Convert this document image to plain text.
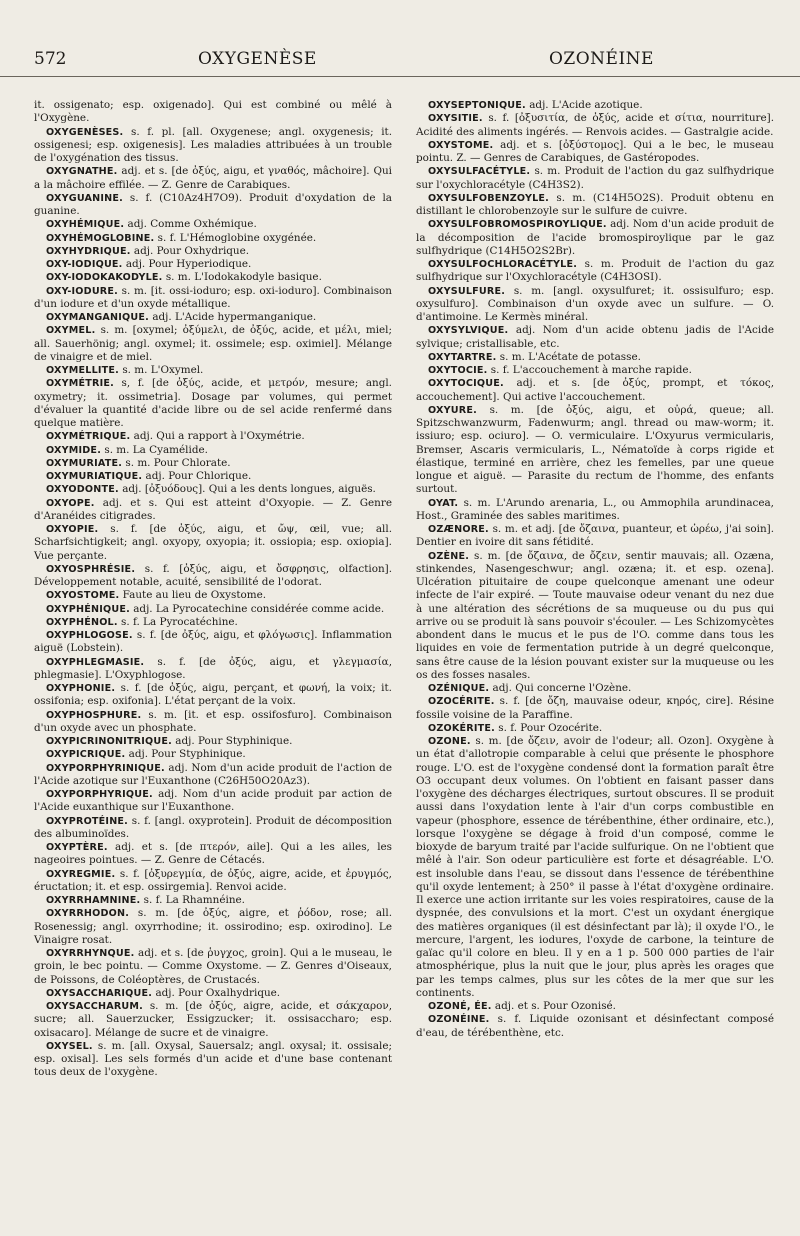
572	OXYGENÈSE	OZONÉINE

it. ossigenato; esp. oxigenado]. Qui est combiné ou mêlé à l'Oxygène.

OXYGENÈSES. s. f. pl. [all. Oxygenese; angl. oxygenesis; it. ossigenesi; esp. oxigenesis]. Les maladies attribuées à un trouble de l'oxygénation des tissus.

OXYGNATHE. adj. et s. [de ὀξύς, aigu, et γναθός, mâchoire]. Qui a la mâchoire effilée. — Z. Genre de Carabiques.

OXYGUANINE. s. f. (C10Az4H7O9). Produit d'oxydation de la guanine.

OXYHÉMIQUE. adj. Comme Oxhémique.

OXYHÉMOGLOBINE. s. f. L'Hémoglobine oxygénée.

OXYHYDRIQUE. adj. Pour Oxhydrique.

OXY-IODIQUE. adj. Pour Hyperiodique.

OXY-IODOKAKODYLE. s. m. L'Iodokakodyle basique.

OXY-IODURE. s. m. [it. ossi-ioduro; esp. oxi-ioduro]. Combinaison d'un iodure et d'un oxyde métallique.

OXYMANGANIQUE. adj. L'Acide hypermanganique.

OXYMEL. s. m. [oxymel; ὀξύμελι, de ὀξύς, acide, et μέλι, miel; all. Sauerhönig; angl. oxymel; it. ossimele; esp. oximiel]. Mélange de vinaigre et de miel.

OXYMELLITE. s. m. L'Oxymel.

OXYMÉTRIE. s, f. [de ὀξύς, acide, et μετρόν, mesure; angl. oxymetry; it. ossimetria]. Dosage par volumes, qui permet d'évaluer la quantité d'acide libre ou de sel acide renfermé dans quelque matière.

OXYMÉTRIQUE. adj. Qui a rapport à l'Oxymétrie.

OXYMIDE. s. m. La Cyamélide.

OXYMURIATE. s. m. Pour Chlorate.

OXYMURIATIQUE. adj. Pour Chlorique.

OXYODONTE. adj. [ὀξυόδους]. Qui a les dents longues, aiguës.

OXYOPE. adj. et s. Qui est atteint d'Oxyopie. — Z. Genre d'Aranéides citigrades.

OXYOPIE. s. f. [de ὀξύς, aigu, et ὤψ, œil, vue; all. Scharfsichtigkeit; angl. oxyopy, oxyopia; it. ossiopia; esp. oxiopia]. Vue perçante.

OXYOSPHRÉSIE. s. f. [ὀξύς, aigu, et ὄσφρησις, olfaction]. Développement notable, acuité, sensibilité de l'odorat.

OXYOSTOME. Faute au lieu de Oxystome.

OXYPHÉNIQUE. adj. La Pyrocatechine considérée comme acide.

OXYPHÉNOL. s. f. La Pyrocatéchine.

OXYPHLOGOSE. s. f. [de ὀξύς, aigu, et φλόγωσις]. Inflammation aiguë (Lobstein).

OXYPHLEGMASIE. s. f. [de ὀξύς, aigu, et γλεγμασία, phlegmasie]. L'Oxyphlogose.

OXYPHONIE. s. f. [de ὀξύς, aigu, perçant, et φωνή, la voix; it. ossifonia; esp. oxifonia]. L'état perçant de la voix.

OXYPHOSPHURE. s. m. [it. et esp. ossifosfuro]. Combinaison d'un oxyde avec un phosphate.

OXYPICRINONITRIQUE. adj. Pour Styphinique.

OXYPICRIQUE. adj. Pour Styphinique.

OXYPORPHYRINIQUE. adj. Nom d'un acide produit de l'action de l'Acide azotique sur l'Euxanthone (C26H50O20Az3).

OXYPORPHYRIQUE. adj. Nom d'un acide produit par action de l'Acide euxanthique sur l'Euxanthone.

OXYPROTÉINE. s. f. [angl. oxyprotein]. Produit de décomposition des albuminoïdes.

OXYPTÈRE. adj. et s. [de πτερόν, aile]. Qui a les ailes, les nageoires pointues. — Z. Genre de Cétacés.

OXYREGMIE. s. f. [ὀξυρεγμία, de ὀξύς, aigre, acide, et ἐρυγμός, éructation; it. et esp. ossirgemia]. Renvoi acide.

OXYRRHAMNINE. s. f. La Rhamnéine.

OXYRRHODON. s. m. [de ὀξύς, aigre, et ῥόδον, rose; all. Rosenessig; angl. oxyrrhodine; it. ossirodino; esp. oxirodino]. Le Vinaigre rosat.

OXYRRHYNQUE. adj. et s. [de ῥυγχος, groin]. Qui a le museau, le groin, le bec pointu. — Comme Oxystome. — Z. Genres d'Oiseaux, de Poissons, de Coléoptères, de Crustacés.

OXYSACCHARIQUE. adj. Pour Oxalhydrique.

OXYSACCHARUM. s. m. [de ὀξύς, aigre, acide, et σάκχαρον, sucre; all. Sauerzucker, Essigzucker; it. ossisaccharo; esp. oxisacaro]. Mélange de sucre et de vinaigre.

OXYSEL. s. m. [all. Oxysal, Sauersalz; angl. oxysal; it. ossisale; esp. oxisal]. Les sels formés d'un acide et d'une base contenant tous deux de l'oxygène.

OXYSEPTONIQUE. adj. L'Acide azotique.

OXYSITIE. s. f. [ὀξυσιτία, de ὀξύς, acide et σίτια, nourriture]. Acidité des aliments ingérés. — Renvois acides. — Gastralgie acide.

OXYSTOME. adj. et s. [ὀξύστομος]. Qui a le bec, le museau pointu. Z. — Genres de Carabiques, de Gastéropodes.

OXYSULFACÉTYLE. s. m. Produit de l'action du gaz sulfhydrique sur l'oxychloracétyle (C4H3S2).

OXYSULFOBENZOYLE. s. m. (C14H5O2S). Produit obtenu en distillant le chlorobenzoyle sur le sulfure de cuivre.

OXYSULFOBROMOSPIROYLIQUE. adj. Nom d'un acide produit de la décomposition de l'acide bromospiroylique par le gaz sulfhydrique (C14H5O2S2Br).

OXYSULFOCHLORACÉTYLE. s. m. Produit de l'action du gaz sulfhydrique sur l'Oxychloracétyle (C4H3OSI).

OXYSULFURE. s. m. [angl. oxysulfuret; it. ossisulfuro; esp. oxysulfuro]. Combinaison d'un oxyde avec un sulfure. — O. d'antimoine. Le Kermès minéral.

OXYSYLVIQUE. adj. Nom d'un acide obtenu jadis de l'Acide sylvique; cristallisable, etc.

OXYTARTRE. s. m. L'Acétate de potasse.

OXYTOCIE. s. f. L'accouchement à marche rapide.

OXYTOCIQUE. adj. et s. [de ὀξύς, prompt, et τόκος, accouchement]. Qui active l'accouchement.

OXYURE. s. m. [de ὀξύς, aigu, et οὐρά, queue; all. Spitzschwanzwurm, Fadenwurm; angl. thread ou maw-worm; it. issiuro; esp. ociuro]. — O. vermiculaire. L'Oxyurus vermicularis, Bremser, Ascaris vermicularis, L., Nématoïde à corps rigide et élastique, terminé en arrière, chez les femelles, par une queue longue et aiguë. — Parasite du rectum de l'homme, des enfants surtout.

OYAT. s. m. L'Arundo arenaria, L., ou Ammophila arundinacea, Host., Graminée des sables maritimes.

OZÆNORE. s. m. et adj. [de ὄζαινα, puanteur, et ὠρέω, j'ai soin]. Dentier en ivoire dit sans fétidité.

OZÈNE. s. m. [de ὄζαινα, de ὄζειν, sentir mauvais; all. Ozæna, stinkendes, Nasengeschwur; angl. ozæna; it. et esp. ozena]. Ulcération pituitaire de coupe quelconque amenant une odeur infecte de l'air expiré. — Toute mauvaise odeur venant du nez due à une altération des sécrétions de sa muqueuse ou du pus qui arrive ou se produit là sans pouvoir s'écouler. — Les Schizomycètes abondent dans le mucus et le pus de l'O. comme dans tous les liquides en voie de fermentation putride à un degré quelconque, sans être cause de la lésion pouvant exister sur la muqueuse ou les os des fosses nasales.

OZÉNIQUE. adj. Qui concerne l'Ozène.

OZOCÉRITE. s. f. [de ὄζη, mauvaise odeur, κηρός, cire]. Résine fossile voisine de la Paraffine.

OZOKÉRITE. s. f. Pour Ozocérite.

OZONE. s. m. [de ὄζειν, avoir de l'odeur; all. Ozon]. Oxygène à un état d'allotropie comparable à celui que présente le phosphore rouge. L'O. est de l'oxygène condensé dont la formation paraît être O3 occupant deux volumes. On l'obtient en faisant passer dans l'oxygène des décharges électriques, surtout obscures. Il se produit aussi dans l'oxydation lente à l'air d'un corps combustible en vapeur (phosphore, essence de térébenthine, éther ordinaire, etc.), lorsque l'oxygène se dégage à froid d'un composé, comme le bioxyde de baryum traité par l'acide sulfurique. On ne l'obtient que mêlé à l'air. Son odeur particulière est forte et désagréable. L'O. est insoluble dans l'eau, se dissout dans l'essence de térébenthine qu'il oxyde lentement; à 250° il passe à l'état d'oxygène ordinaire. Il exerce une action irritante sur les voies respiratoires, cause de la dyspnée, des convulsions et la mort. C'est un oxydant énergique des matières organiques (il est désinfectant par là); il oxyde l'O., le mercure, l'argent, les iodures, l'oxyde de carbone, la teinture de gaïac qu'il colore en bleu. Il y en a 1 p. 500 000 parties de l'air atmosphérique, plus la nuit que le jour, plus après les orages que par les temps calmes, plus sur les côtes de la mer que sur les continents.

OZONÉ, ÉE. adj. et s. Pour Ozonisé.

OZONÉINE. s. f. Liquide ozonisant et désinfectant composé d'eau, de térébenthène, etc.
